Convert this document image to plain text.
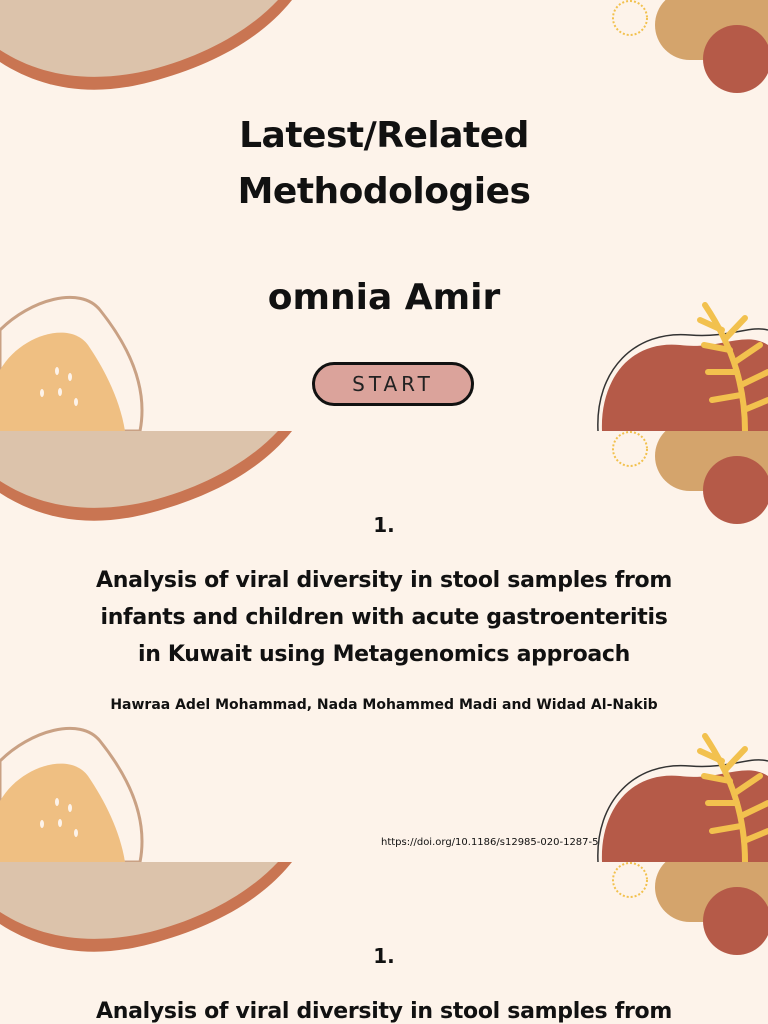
Latest/Related
Methodologies
omnia Amir
START
1.
Analysis of viral diversity in stool samples from
infants and children with acute gastroenteritis
in Kuwait using Metagenomics approach
Hawraa Adel Mohammad, Nada Mohammed Madi and Widad Al-Nakib
https://doi.org/10.1186/s12985-020-1287-5
1.
Analysis of viral diversity in stool samples from
